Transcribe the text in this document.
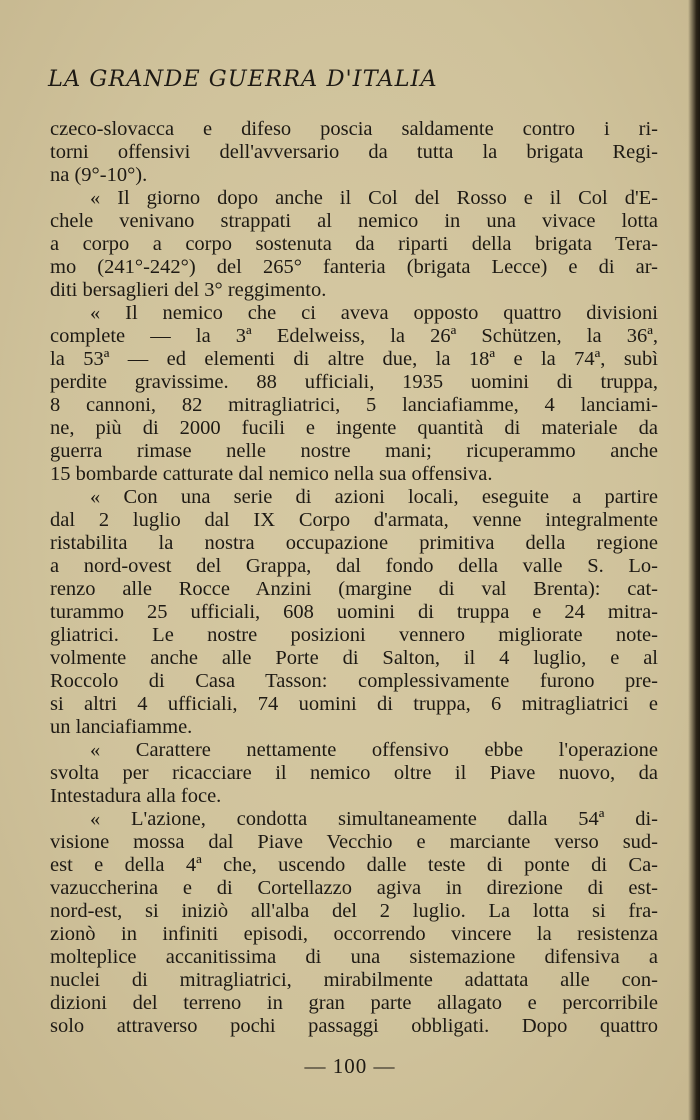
LA GRANDE GUERRA D'ITALIA
czeco-slovacca e difeso poscia saldamente contro i ri-
torni offensivi dell'avversario da tutta la brigata Regi-
na (9°-10°).
« Il giorno dopo anche il Col del Rosso e il Col d'E-
chele venivano strappati al nemico in una vivace lotta
a corpo a corpo sostenuta da riparti della brigata Tera-
mo (241°-242°) del 265° fanteria (brigata Lecce) e di ar-
diti bersaglieri del 3° reggimento.
« Il nemico che ci aveva opposto quattro divisioni
complete — la 3ª Edelweiss, la 26ª Schützen, la 36ª,
la 53ª — ed elementi di altre due, la 18ª e la 74ª, subì
perdite gravissime. 88 ufficiali, 1935 uomini di truppa,
8 cannoni, 82 mitragliatrici, 5 lanciafiamme, 4 lanciami-
ne, più di 2000 fucili e ingente quantità di materiale da
guerra rimase nelle nostre mani; ricuperammo anche
15 bombarde catturate dal nemico nella sua offensiva.
« Con una serie di azioni locali, eseguite a partire
dal 2 luglio dal IX Corpo d'armata, venne integralmente
ristabilita la nostra occupazione primitiva della regione
a nord-ovest del Grappa, dal fondo della valle S. Lo-
renzo alle Rocce Anzini (margine di val Brenta): cat-
turammo 25 ufficiali, 608 uomini di truppa e 24 mitra-
gliatrici. Le nostre posizioni vennero migliorate note-
volmente anche alle Porte di Salton, il 4 luglio, e al
Roccolo di Casa Tasson: complessivamente furono pre-
si altri 4 ufficiali, 74 uomini di truppa, 6 mitragliatrici e
un lanciafiamme.
« Carattere nettamente offensivo ebbe l'operazione
svolta per ricacciare il nemico oltre il Piave nuovo, da
Intestadura alla foce.
« L'azione, condotta simultaneamente dalla 54ª di-
visione mossa dal Piave Vecchio e marciante verso sud-
est e della 4ª che, uscendo dalle teste di ponte di Ca-
vazuccherina e di Cortellazzo agiva in direzione di est-
nord-est, si iniziò all'alba del 2 luglio. La lotta si fra-
zionò in infiniti episodi, occorrendo vincere la resistenza
molteplice accanitissima di una sistemazione difensiva a
nuclei di mitragliatrici, mirabilmente adattata alle con-
dizioni del terreno in gran parte allagato e percorribile
solo attraverso pochi passaggi obbligati. Dopo quattro
— 100 —
